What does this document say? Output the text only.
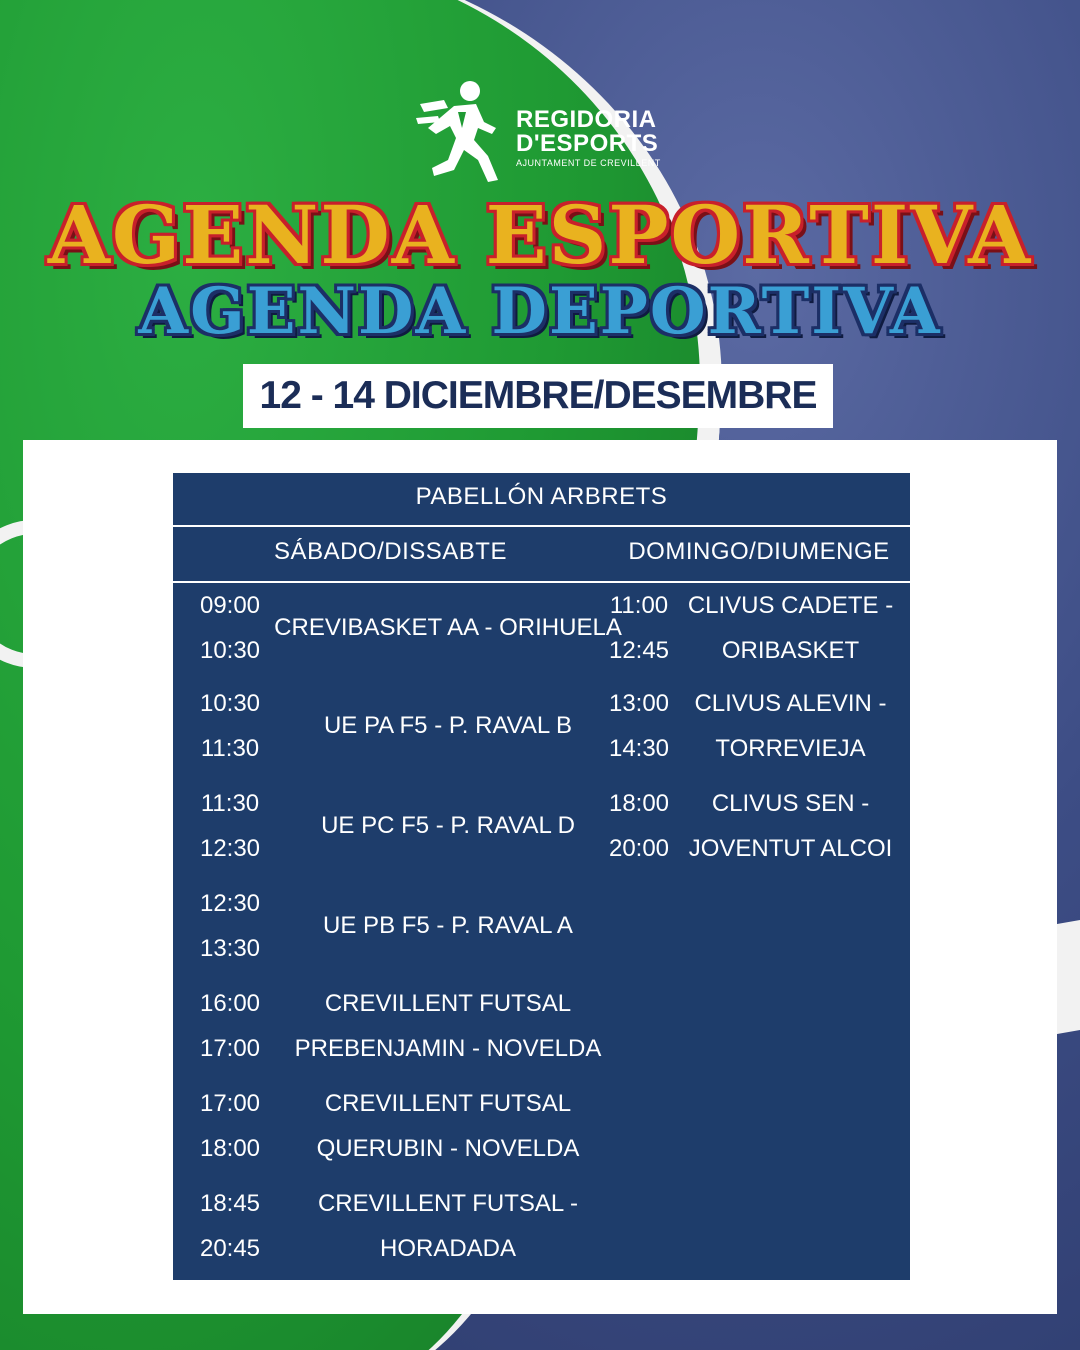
REGIDORIA
D'ESPORTS
AJUNTAMENT DE CREVILLENT
AGENDA ESPORTIVA
AGENDA DEPORTIVA
12 - 14 DICIEMBRE/DESEMBRE
PABELLÓN ARBRETS
SÁBADO/DISSABTE	DOMINGO/DIUMENGE
09:00
10:30
CREVIBASKET AA - ORIHUELA
10:30
11:30
UE PA F5 - P. RAVAL B
11:30
12:30
UE PC F5 - P. RAVAL D
12:30
13:30
UE PB F5 - P. RAVAL A
16:00
17:00
CREVILLENT FUTSAL
PREBENJAMIN - NOVELDA
17:00
18:00
CREVILLENT FUTSAL
QUERUBIN - NOVELDA
18:45
20:45
CREVILLENT FUTSAL -
HORADADA
11:00
12:45
CLIVUS CADETE -
ORIBASKET
13:00
14:30
CLIVUS ALEVIN -
TORREVIEJA
18:00
20:00
CLIVUS SEN -
JOVENTUT ALCOI
